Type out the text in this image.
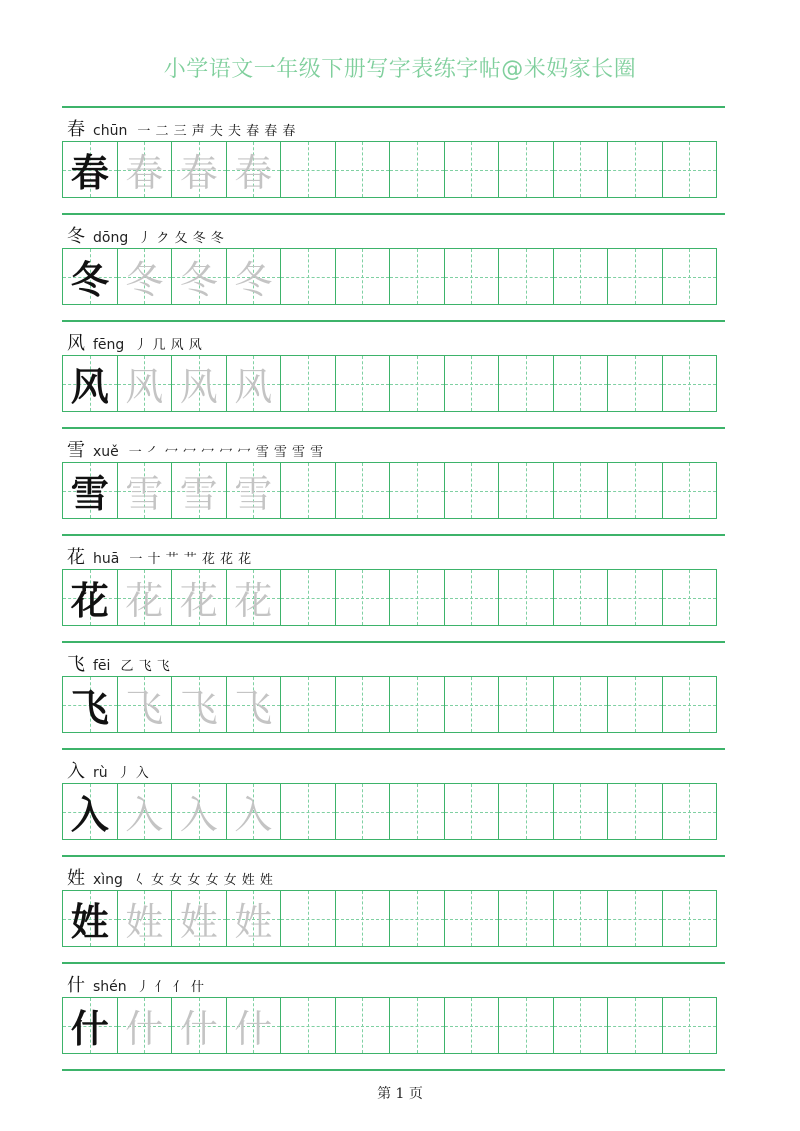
小学语文一年级下册写字表练字帖@米妈家长圈
春 chūn 一 二 三 声 夫 夫 春 春 春
春 春 春 春
冬 dōng 丿 ク 夂 冬 冬
冬 冬 冬 冬
风 fēng 丿 几 风 风
风 风 风 风
雪 xuě 一 ㇒ 冖 冖 冖 冖 冖 雪 雪 雪 雪
雪 雪 雪 雪
花 huā 一 十 艹 艹 花 花 花
花 花 花 花
飞 fēi 乙 飞 飞
飞 飞 飞 飞
入 rù 丿 入
入 入 入 入
姓 xìng 𡿨 女 女 女 女 女 姓 姓
姓 姓 姓 姓
什 shén 丿 亻 亻 什
什 什 什 什
第 1 页
